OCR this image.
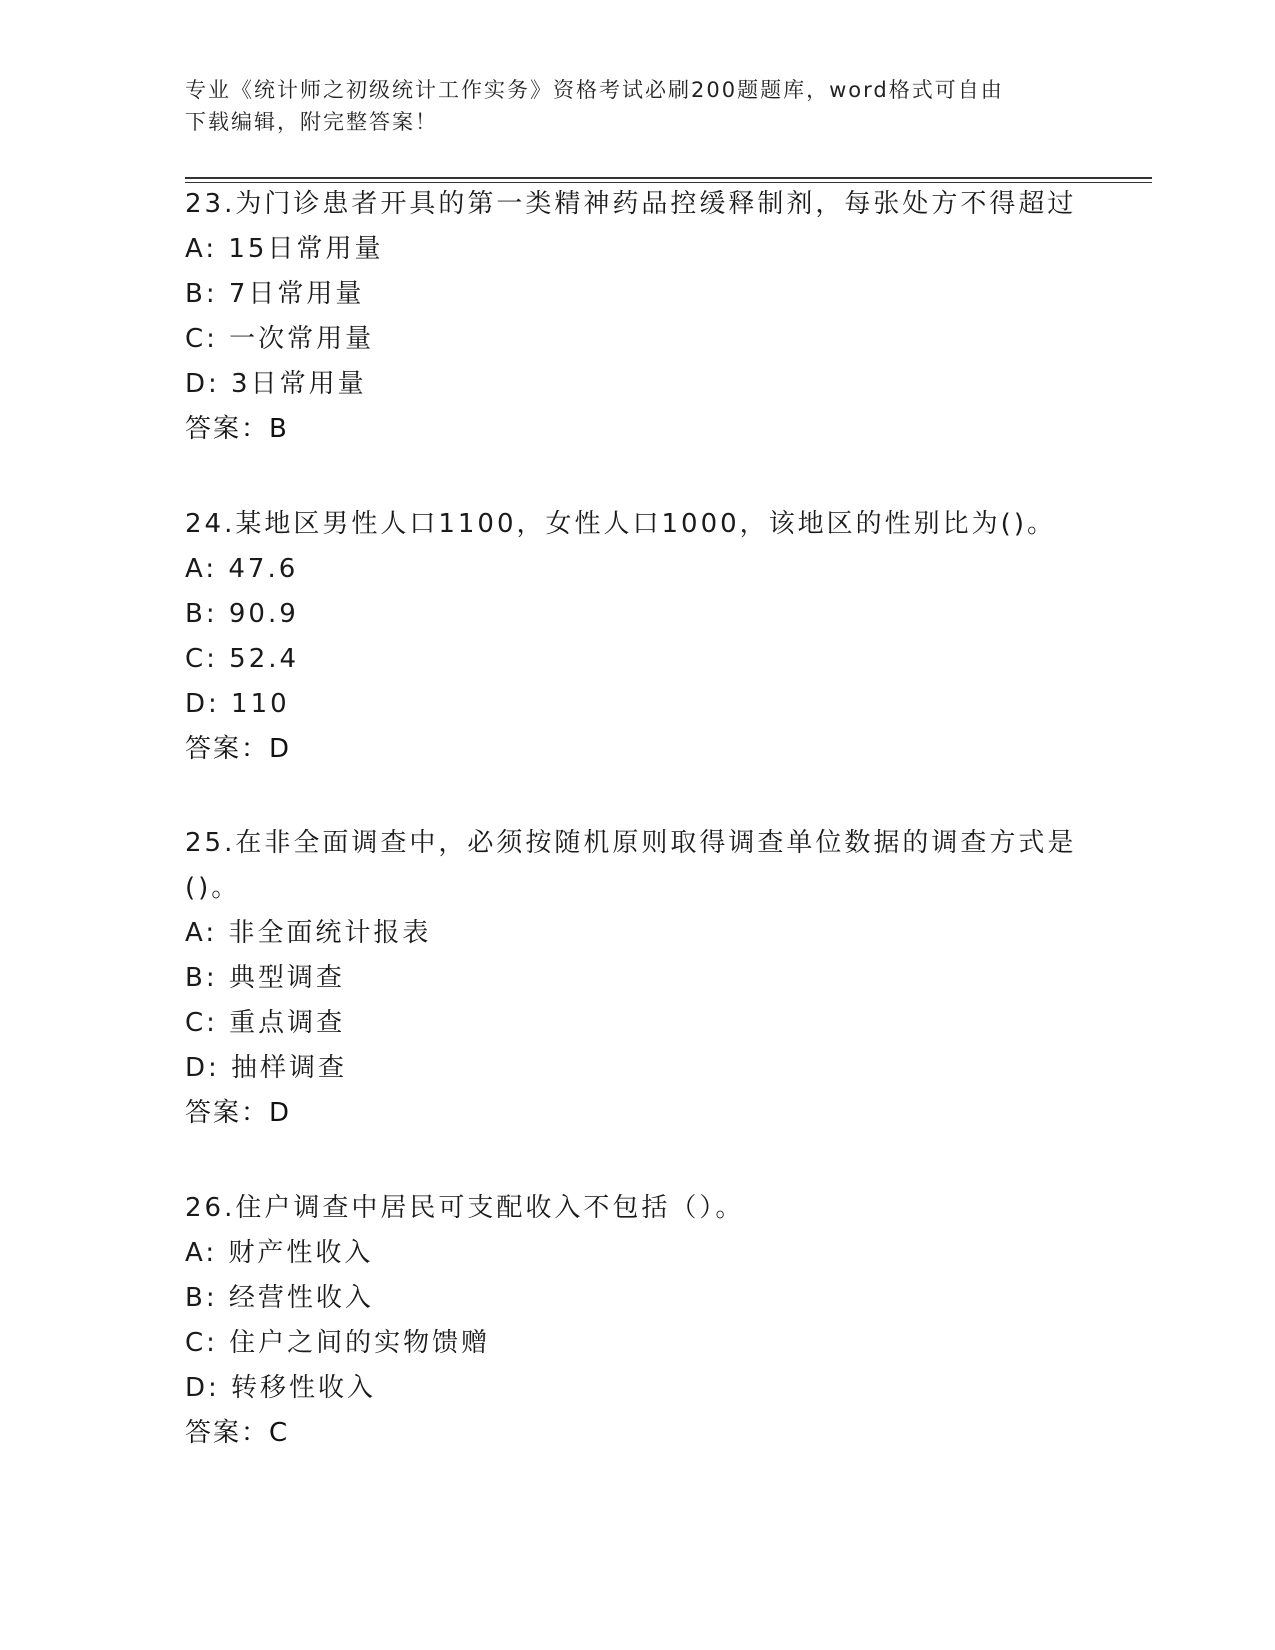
专业《统计师之初级统计工作实务》资格考试必刷200题题库，word格式可自由
下载编辑，附完整答案！

23.为门诊患者开具的第一类精神药品控缓释制剂，每张处方不得超过

A: 15日常用量

B: 7日常用量

C: 一次常用量

D: 3日常用量

答案：B

24.某地区男性人口1100，女性人口1000，该地区的性别比为()。

A: 47.6

B: 90.9

C: 52.4

D: 110

答案：D

25.在非全面调查中，必须按随机原则取得调查单位数据的调查方式是

()。

A: 非全面统计报表

B: 典型调查

C: 重点调查

D: 抽样调查

答案：D

26.住户调查中居民可支配收入不包括（）。

A: 财产性收入

B: 经营性收入

C: 住户之间的实物馈赠

D: 转移性收入

答案：C
